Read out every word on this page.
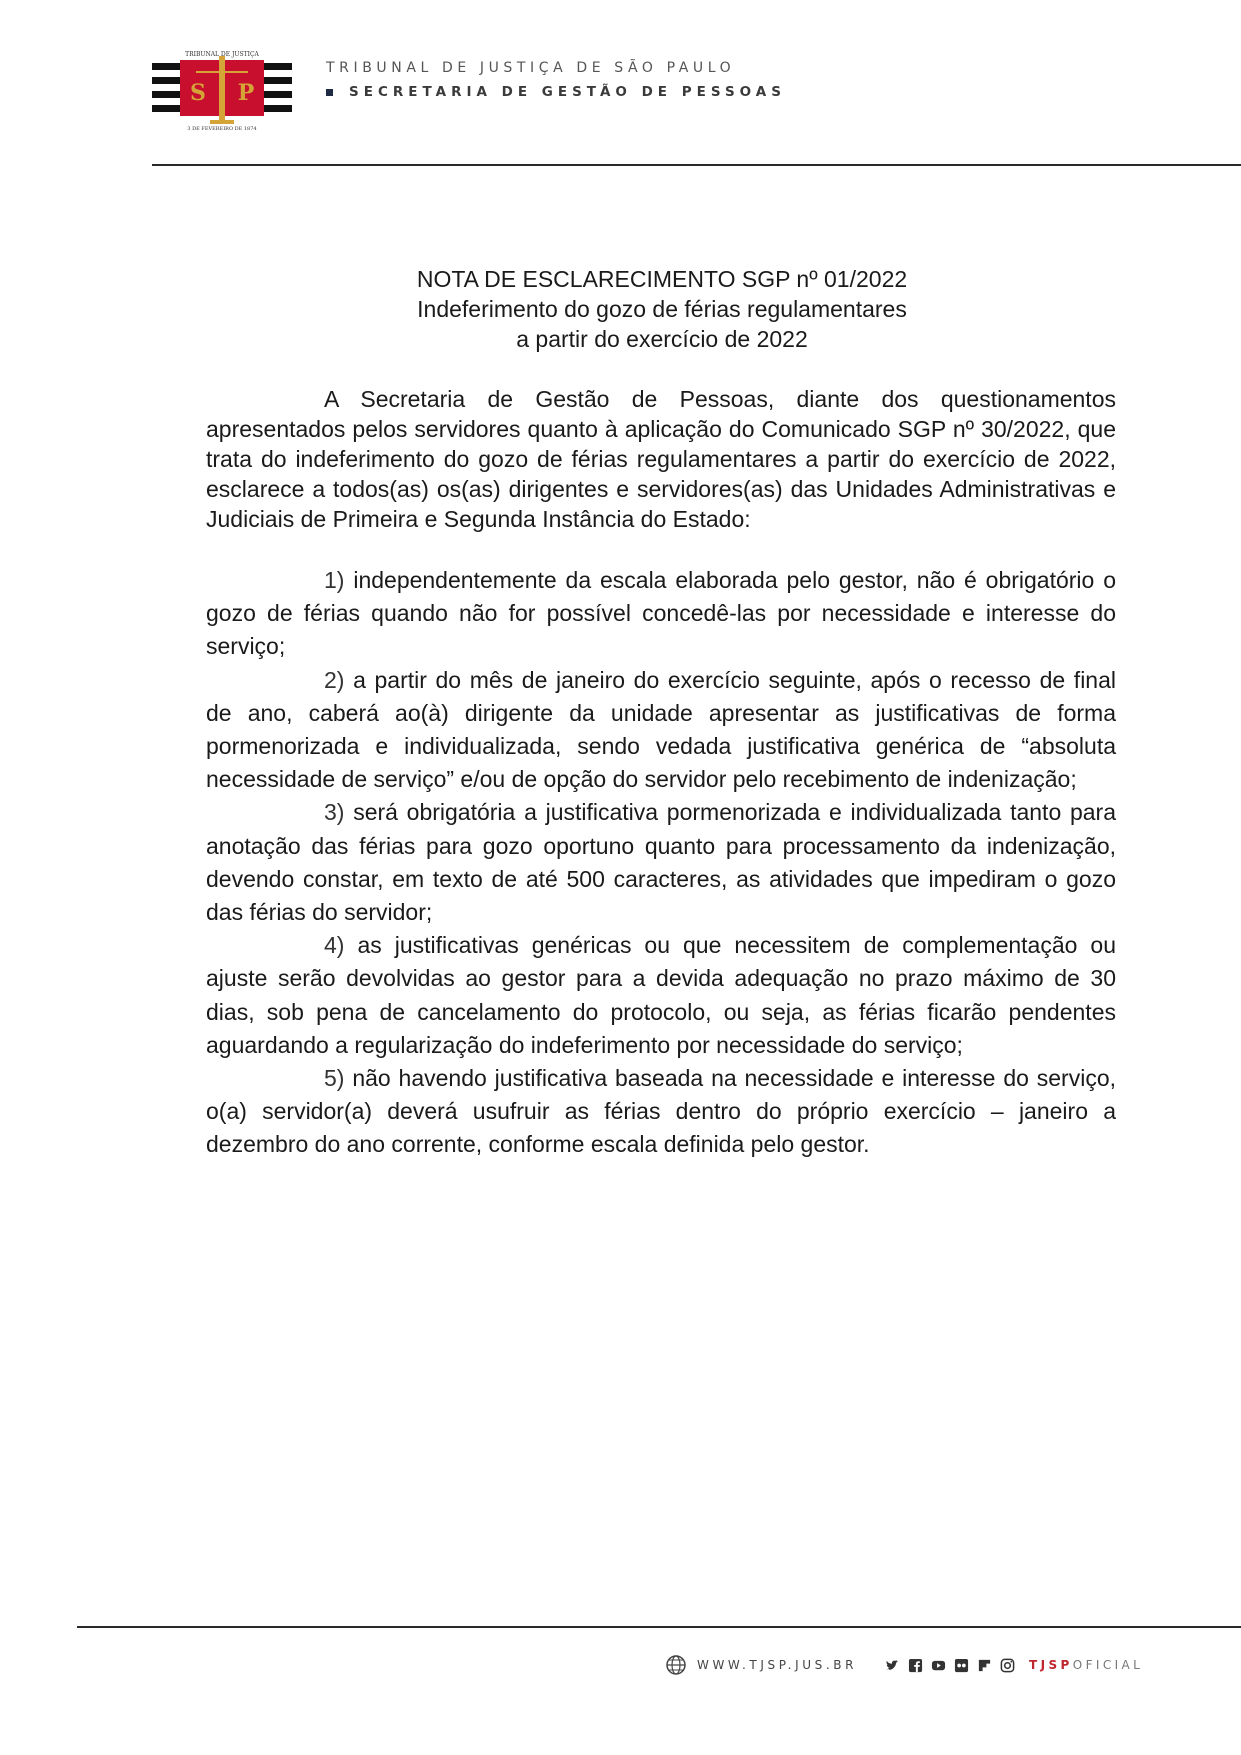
TRIBUNAL DE JUSTIÇA
S P
3 DE FEVEREIRO DE 1874
TRIBUNAL DE JUSTIÇA DE SÃO PAULO
SECRETARIA DE GESTÃO DE PESSOAS
NOTA DE ESCLARECIMENTO SGP nº 01/2022
Indeferimento do gozo de férias regulamentares
a partir do exercício de 2022

A Secretaria de Gestão de Pessoas, diante dos questionamentos apresentados pelos servidores quanto à aplicação do Comunicado SGP nº 30/2022, que trata do indeferimento do gozo de férias regulamentares a partir do exercício de 2022, esclarece a todos(as) os(as) dirigentes e servidores(as) das Unidades Administrativas e Judiciais de Primeira e Segunda Instância do Estado:

1) independentemente da escala elaborada pelo gestor, não é obrigatório o gozo de férias quando não for possível concedê-las por necessidade e interesse do serviço;

2) a partir do mês de janeiro do exercício seguinte, após o recesso de final de ano, caberá ao(à) dirigente da unidade apresentar as justificativas de forma pormenorizada e individualizada, sendo vedada justificativa genérica de “absoluta necessidade de serviço” e/ou de opção do servidor pelo recebimento de indenização;

3) será obrigatória a justificativa pormenorizada e individualizada tanto para anotação das férias para gozo oportuno quanto para processamento da indenização, devendo constar, em texto de até 500 caracteres, as atividades que impediram o gozo das férias do servidor;

4) as justificativas genéricas ou que necessitem de complementação ou ajuste serão devolvidas ao gestor para a devida adequação no prazo máximo de 30 dias, sob pena de cancelamento do protocolo, ou seja, as férias ficarão pendentes aguardando a regularização do indeferimento por necessidade do serviço;

5) não havendo justificativa baseada na necessidade e interesse do serviço, o(a) servidor(a) deverá usufruir as férias dentro do próprio exercício – janeiro a dezembro do ano corrente, conforme escala definida pelo gestor.

WWW.TJSP.JUS.BR	TJSPOFICIAL
